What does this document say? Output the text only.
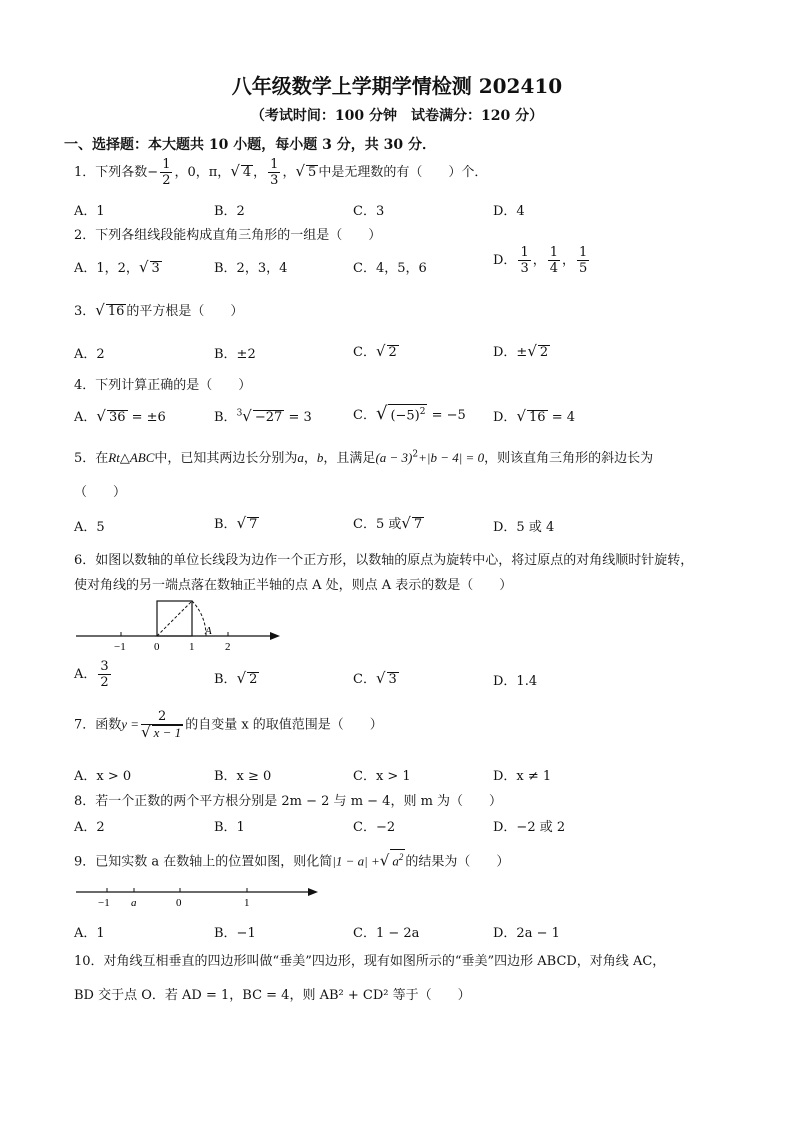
八年级数学上学期学情检测 202410
（考试时间：100 分钟　试卷满分：120 分）
一、选择题：本大题共 10 小题，每小题 3 分，共 30 分．
1．下列各数− $\frac{1}{2}$ ，0，π，√ 4 ， $\frac{1}{3}$ ，√ 5 中是无理数的有（　　）个．
A．1	B．2	C．3	D．4
2．下列各组线段能构成直角三角形的一组是（　　）
A．1，2，√ 3	B．2，3，4	C．4，5，6
D． $\frac{1}{3}$ ， $\frac{1}{4}$ ， $\frac{1}{5}$
3．√ 16 的平方根是（　　）
A．2	B．±2	C．√ 2	D．±√ 2
4．下列计算正确的是（　　）
A．√ 36 = ±6	B．$^3$√ −27 = 3	C．√ $(-5)^2 = -5$ D．√ 16 = 4
5．在Rt△ABC中，已知其两边长分别为a，b，且满足$(a - 3)^2+|b - 4| = 0$，则该直角三角形的斜边长为
（　　）
A．5	B．√ 7	C．5 或√ 7	D．5 或 4
6．如图以数轴的单位长线段为边作一个正方形，以数轴的原点为旋转中心，将过原点的对角线顺时针旋转，
使对角线的另一端点落在数轴正半轴的点 A 处，则点 A 表示的数是（　　）
−1	0	1	2
A
A． $\frac{3}{2}$	B．√ 2	C．√ 3	D．1.4
7．函数$y = \frac{2}{√ x - 1}$ 的自变量 x 的取值范围是（　　）
A．x > 0	B．x ≥ 0	C．x > 1	D．x ≠ 1
8．若一个正数的两个平方根分别是 2m − 2 与 m − 4，则 m 为（　　）
A．2	B．1	C．−2	D．−2 或 2
9．已知实数 a 在数轴上的位置如图，则化简|1 − a| +√ $a^2$ 的结果为（　　）
−1 a	0	1
A．1	B．−1	C．1 − 2a	D．2a − 1
10．对角线互相垂直的四边形叫做“垂美”四边形，现有如图所示的“垂美”四边形 ABCD，对角线 AC，
BD 交于点 O．若 AD = 1，BC = 4，则 AB² + CD² 等于（　　）
